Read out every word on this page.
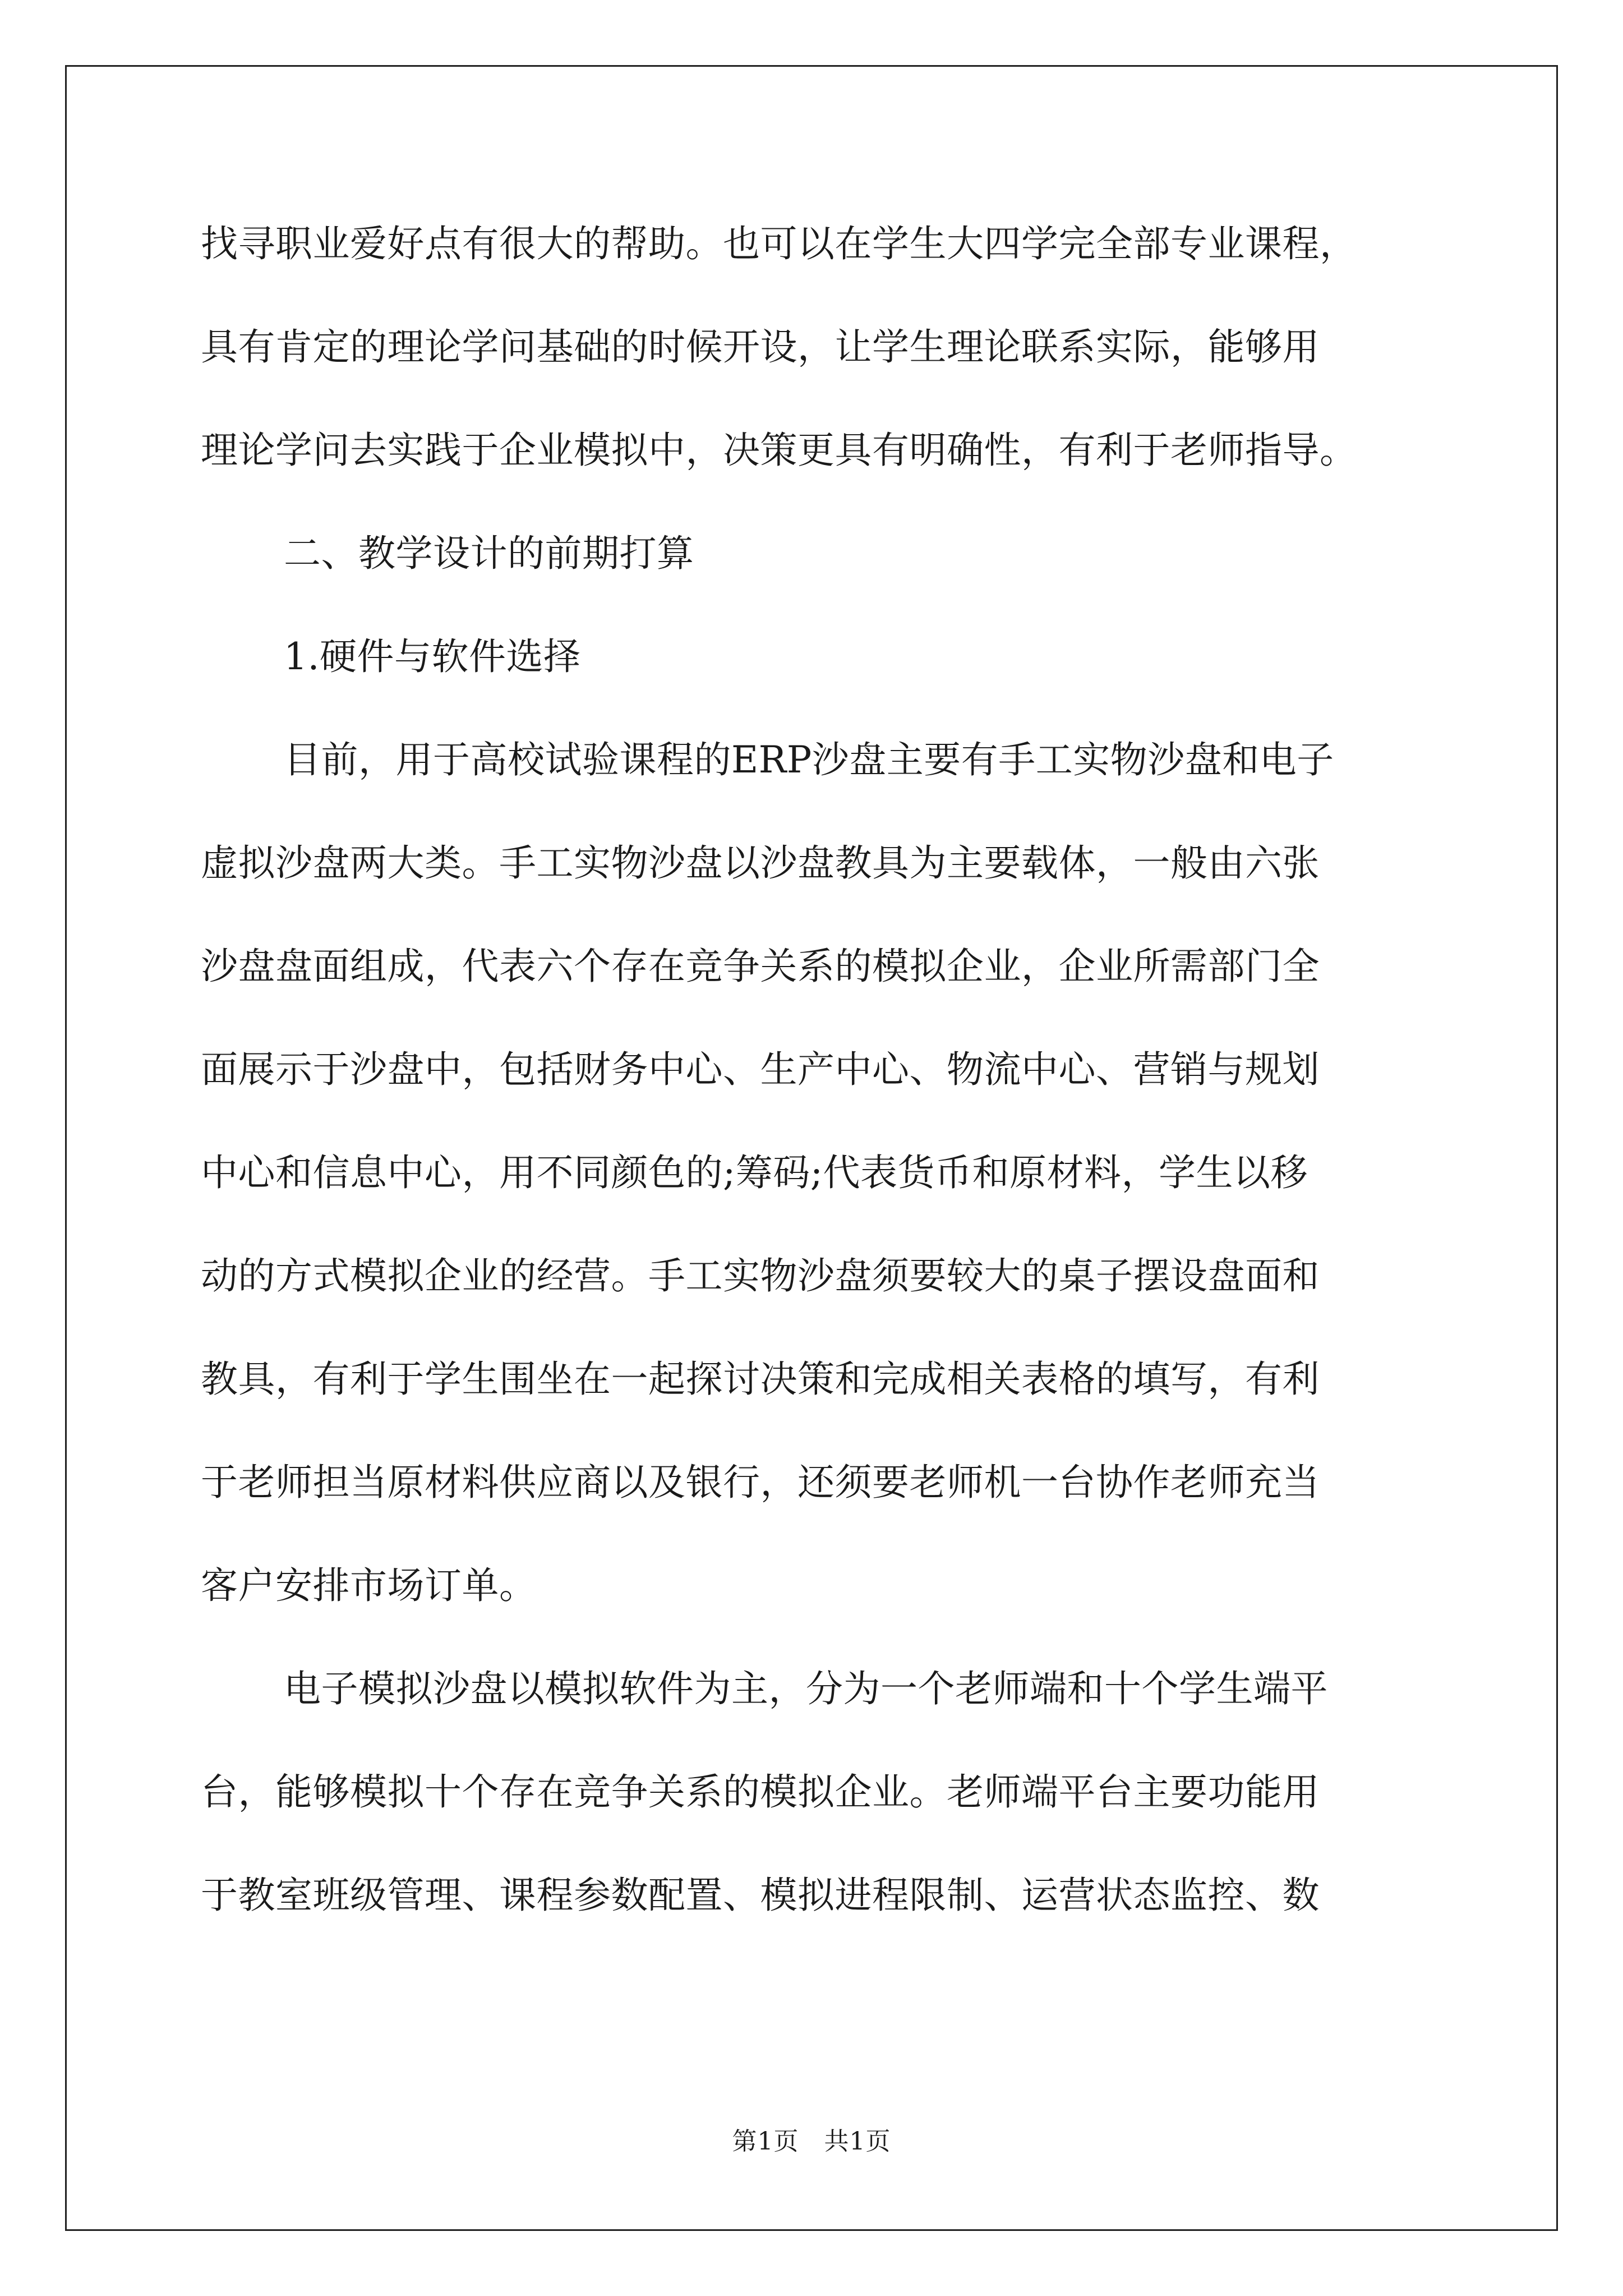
找寻职业爱好点有很大的帮助。也可以在学生大四学完全部专业课程，
具有肯定的理论学问基础的时候开设，让学生理论联系实际，能够用
理论学问去实践于企业模拟中，决策更具有明确性，有利于老师指导。
二、教学设计的前期打算
1.硬件与软件选择
目前，用于高校试验课程的ERP沙盘主要有手工实物沙盘和电子
虚拟沙盘两大类。手工实物沙盘以沙盘教具为主要载体，一般由六张
沙盘盘面组成，代表六个存在竞争关系的模拟企业，企业所需部门全
面展示于沙盘中，包括财务中心、生产中心、物流中心、营销与规划
中心和信息中心，用不同颜色的;筹码;代表货币和原材料，学生以移
动的方式模拟企业的经营。手工实物沙盘须要较大的桌子摆设盘面和
教具，有利于学生围坐在一起探讨决策和完成相关表格的填写，有利
于老师担当原材料供应商以及银行，还须要老师机一台协作老师充当
客户安排市场订单。
电子模拟沙盘以模拟软件为主，分为一个老师端和十个学生端平
台，能够模拟十个存在竞争关系的模拟企业。老师端平台主要功能用
于教室班级管理、课程参数配置、模拟进程限制、运营状态监控、数
第1页　共1页
